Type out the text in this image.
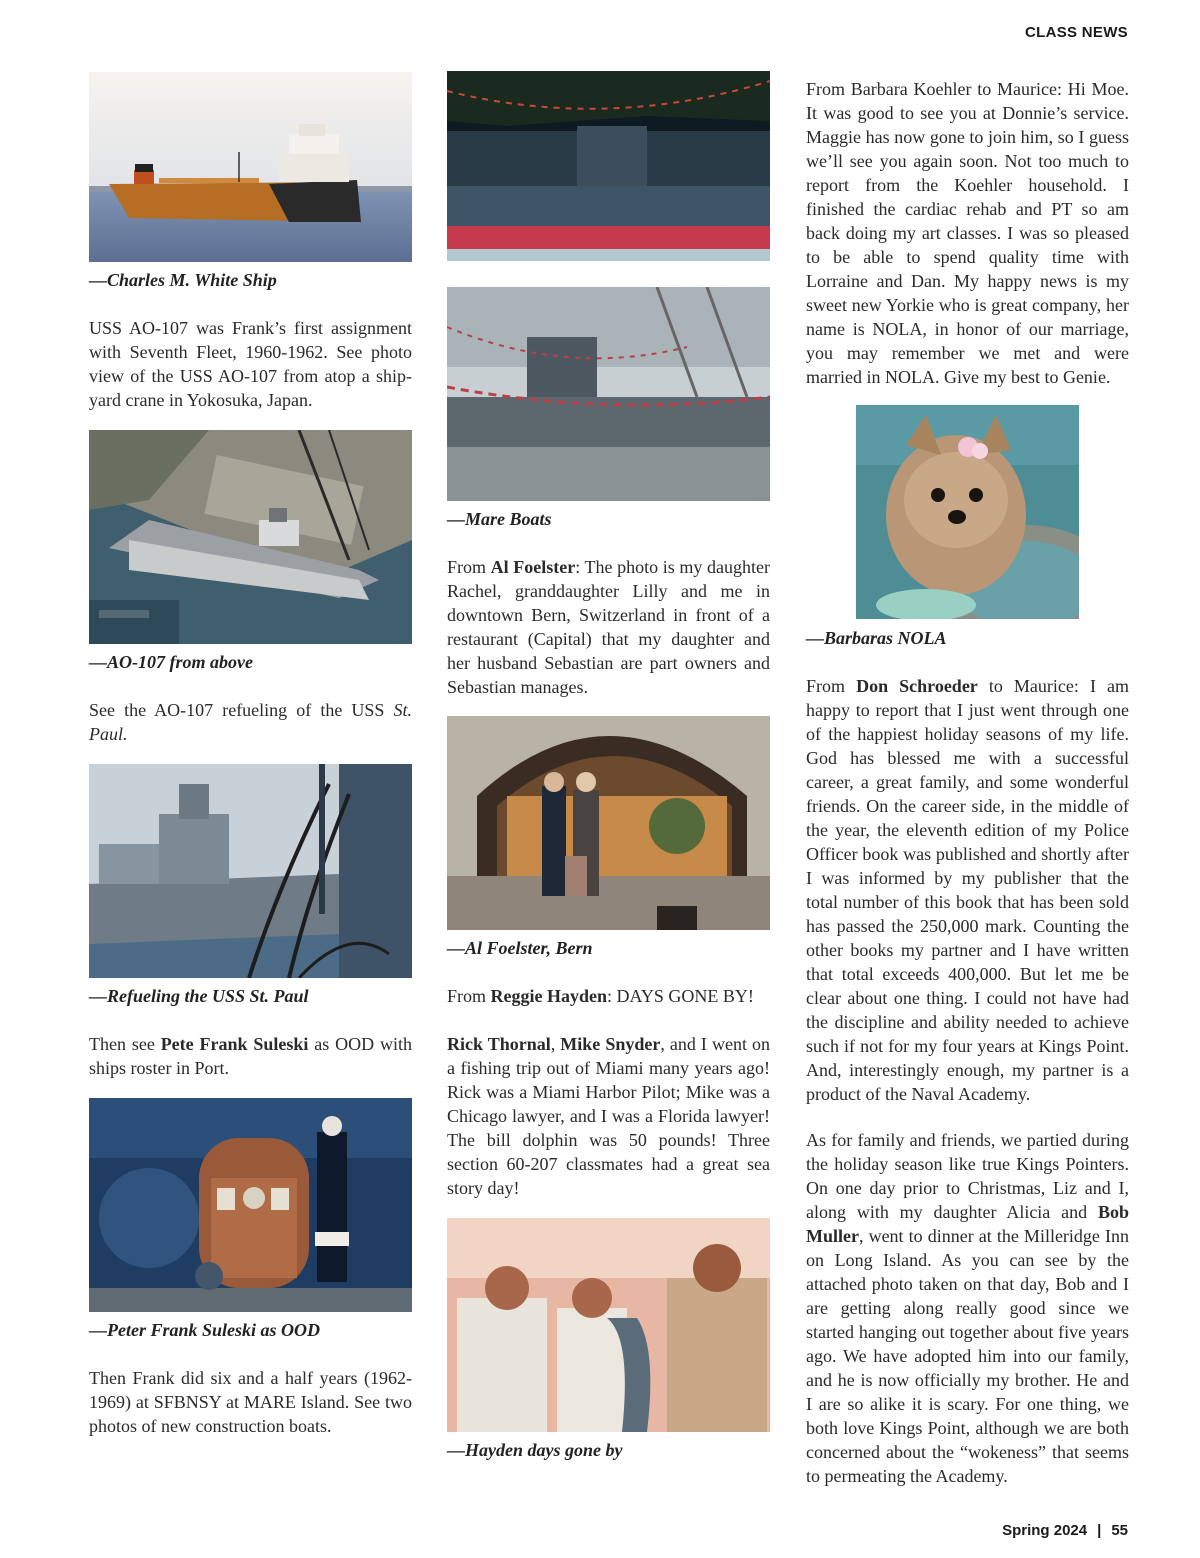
CLASS NEWS
—Charles M. White Ship

USS AO-107 was Frank’s first assignment with Seventh Fleet, 1960-1962. See photo view of the USS AO-107 from atop a shipyard crane in Yokosuka, Japan.

—AO-107 from above

See the AO-107 refueling of the USS St. Paul.

—Refueling the USS St. Paul

Then see Pete Frank Suleski as OOD with ships roster in Port.

—Peter Frank Suleski as OOD

Then Frank did six and a half years (1962-1969) at SFBNSY at MARE Island. See two photos of new construction boats.

—Mare Boats

From Al Foelster: The photo is my daughter Rachel, granddaughter Lilly and me in downtown Bern, Switzerland in front of a restaurant (Capital) that my daughter and her husband Sebastian are part owners and Sebastian manages.

—Al Foelster, Bern

From Reggie Hayden: DAYS GONE BY!

Rick Thornal, Mike Snyder, and I went on a fishing trip out of Miami many years ago! Rick was a Miami Harbor Pilot; Mike was a Chicago lawyer, and I was a Florida lawyer! The bill dolphin was 50 pounds! Three section 60-207 classmates had a great sea story day!

—Hayden days gone by

From Barbara Koehler to Maurice: Hi Moe. It was good to see you at Donnie’s service. Maggie has now gone to join him, so I guess we’ll see you again soon. Not too much to report from the Koehler household. I finished the cardiac rehab and PT so am back doing my art classes. I was so pleased to be able to spend quality time with Lorraine and Dan. My happy news is my sweet new Yorkie who is great company, her name is NOLA, in honor of our marriage, you may remember we met and were married in NOLA. Give my best to Genie.

—Barbaras NOLA

From Don Schroeder to Maurice: I am happy to report that I just went through one of the happiest holiday seasons of my life. God has blessed me with a successful career, a great family, and some wonderful friends. On the career side, in the middle of the year, the eleventh edition of my Police Officer book was published and shortly after I was informed by my publisher that the total number of this book that has been sold has passed the 250,000 mark. Counting the other books my partner and I have written that total exceeds 400,000. But let me be clear about one thing. I could not have had the discipline and ability needed to achieve such if not for my four years at Kings Point. And, interestingly enough, my partner is a product of the Naval Academy.

As for family and friends, we partied during the holiday season like true Kings Pointers. On one day prior to Christmas, Liz and I, along with my daughter Alicia and Bob Muller, went to dinner at the Milleridge Inn on Long Island. As you can see by the attached photo taken on that day, Bob and I are getting along really good since we started hanging out together about five years ago. We have adopted him into our family, and he is now officially my brother. He and I are so alike it is scary. For one thing, we both love Kings Point, although we are both concerned about the “wokeness” that seems to permeating the Academy.

Spring 2024 | 55
